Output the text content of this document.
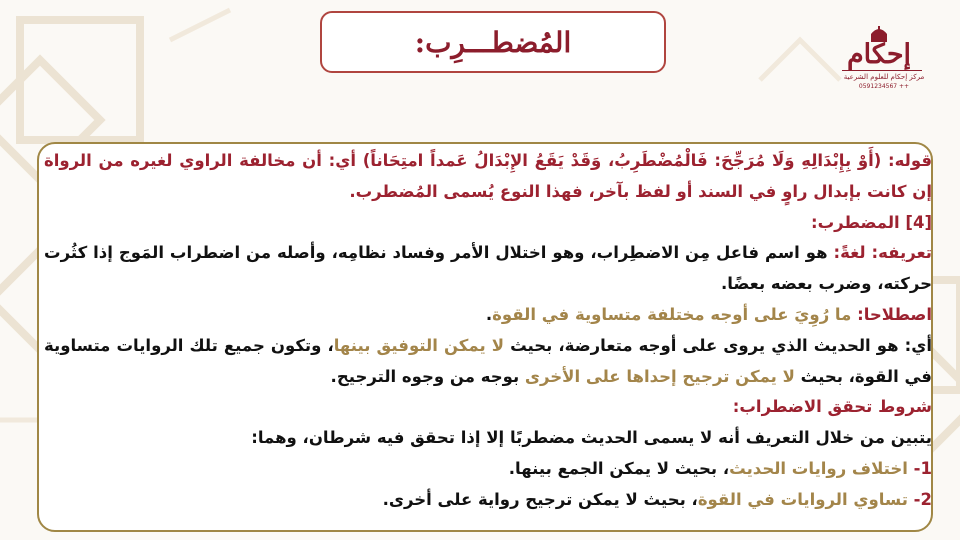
المُضطـــرِب:	إحكام
مركز إحكام للعلوم الشرعية
0591234567 ++

قوله: (أَوْ بِإِبْدَالِهِ وَلَا مُرَجِّحَ: فَالْمُضْطَرِبُ، وَقَدْ يَقَعُ الإِبْدَالُ عَمداً امتِحَاناً) أي: أن مخالفة الراوي لغيره من الرواة إن كانت بإبدال راوٍ في السند أو لفظ بآخر، فهذا النوع يُسمى المُضطرب.

[4] المضطرب:

تعريفه: لغةً: هو اسم فاعل مِن الاضطِراب، وهو اختلال الأمر وفساد نظامِه، وأصله من اضطراب المَوج إذا كثُرت حركته، وضرب بعضه بعضًا.

اصطلاحا: ما رُوِيَ على أوجه مختلفة متساوية في القوة.

أي: هو الحديث الذي يروى على أوجه متعارضة، بحيث لا يمكن التوفيق بينها، وتكون جميع تلك الروايات متساوية في القوة، بحيث لا يمكن ترجيح إحداها على الأخرى بوجه من وجوه الترجيح.

شروط تحقق الاضطراب:

يتبين من خلال التعريف أنه لا يسمى الحديث مضطربًا إلا إذا تحقق فيه شرطان، وهما:

1- اختلاف روايات الحديث، بحيث لا يمكن الجمع بينها.

2- تساوي الروايات في القوة، بحيث لا يمكن ترجيح رواية على أخرى.
